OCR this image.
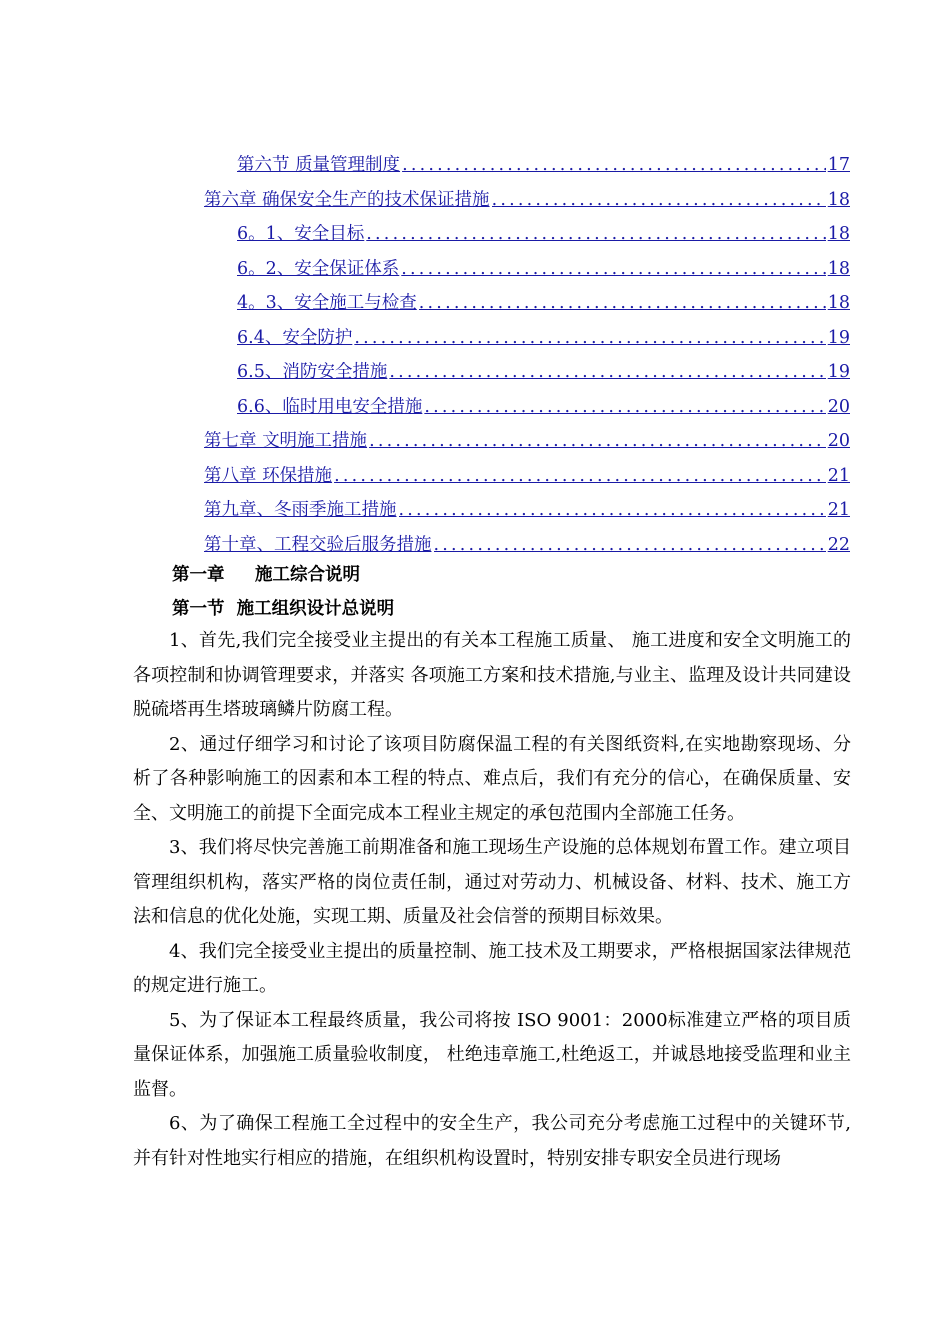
第六节 质量管理制度 .....	17
第六章 确保安全生产的技术保证措施 .....	18
6。1、安全目标 .....	18
6。2、安全保证体系 .....	18
4。3、安全施工与检查 .....	18
6.4、安全防护 .....	19
6.5、消防安全措施 .....	19
6.6、临时用电安全措施 .....	20
第七章 文明施工措施 .....	20
第八章 环保措施 .....	21
第九章、冬雨季施工措施 .....	21
第十章、工程交验后服务措施 .....	22
第一章     施工综合说明
第一节  施工组织设计总说明

1、首先,我们完全接受业主提出的有关本工程施工质量、 施工进度和安全文明施工的各项控制和协调管理要求，并落实 各项施工方案和技术措施,与业主、监理及设计共同建设脱硫塔再生塔玻璃鳞片防腐工程。

2、通过仔细学习和讨论了该项目防腐保温工程的有关图纸资料,在实地勘察现场、分析了各种影响施工的因素和本工程的特点、难点后，我们有充分的信心，在确保质量、安全、文明施工的前提下全面完成本工程业主规定的承包范围内全部施工任务。

3、我们将尽快完善施工前期准备和施工现场生产设施的总体规划布置工作。建立项目管理组织机构，落实严格的岗位责任制，通过对劳动力、机械设备、材料、技术、施工方法和信息的优化处施，实现工期、质量及社会信誉的预期目标效果。

4、我们完全接受业主提出的质量控制、施工技术及工期要求，严格根据国家法律规范的规定进行施工。

5、为了保证本工程最终质量，我公司将按 ISO 9001：2000标准建立严格的项目质量保证体系，加强施工质量验收制度， 杜绝违章施工,杜绝返工，并诚恳地接受监理和业主监督。

6、为了确保工程施工全过程中的安全生产，我公司充分考虑施工过程中的关键环节,并有针对性地实行相应的措施，在组织机构设置时，特别安排专职安全员进行现场
